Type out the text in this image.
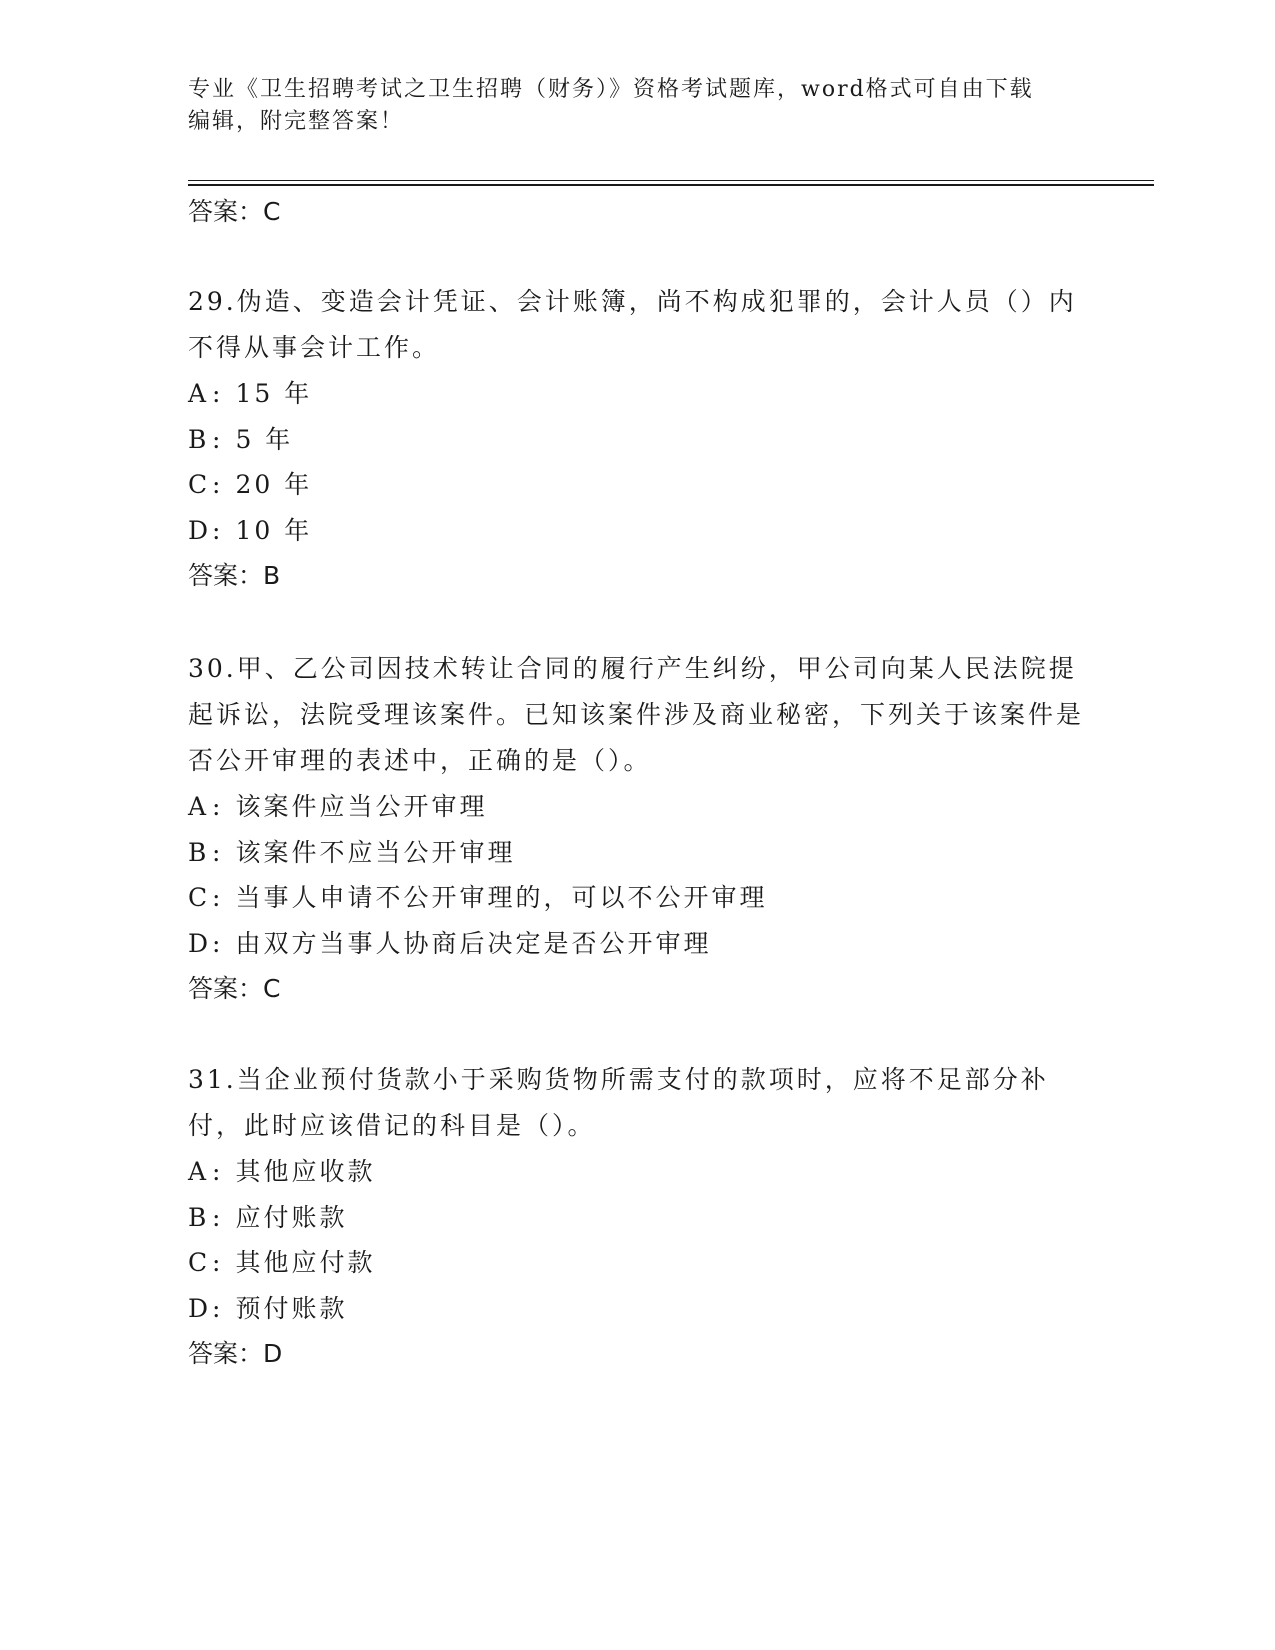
专业《卫生招聘考试之卫生招聘（财务）》资格考试题库，word格式可自由下载
编辑，附完整答案！
答案：C

29.伪造、变造会计凭证、会计账簿，尚不构成犯罪的，会计人员（）内不得从事会计工作。

A : 15 年

B : 5 年

C: 20 年

D: 10 年

答案：B

30.甲、乙公司因技术转让合同的履行产生纠纷，甲公司向某人民法院提起诉讼，法院受理该案件。已知该案件涉及商业秘密，下列关于该案件是否公开审理的表述中，正确的是（）。

A : 该案件应当公开审理

B : 该案件不应当公开审理

C: 当事人申请不公开审理的，可以不公开审理

D: 由双方当事人协商后决定是否公开审理

答案：C

31.当企业预付货款小于采购货物所需支付的款项时，应将不足部分补付，此时应该借记的科目是（）。

A : 其他应收款

B : 应付账款

C: 其他应付款

D: 预付账款

答案：D
